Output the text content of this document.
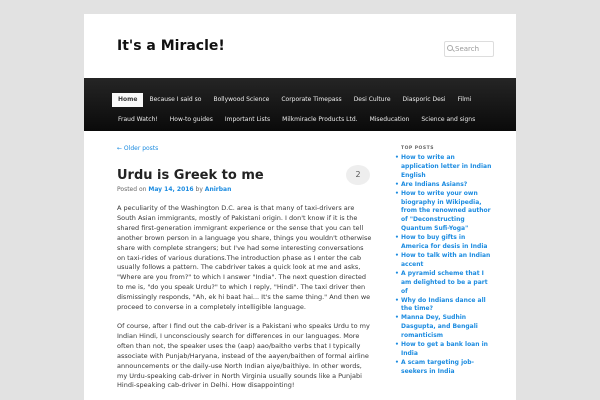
It's a Miracle!	Search
Home	Because I said so	Bollywood Science	Corporate Timepass	Desi Culture	Diasporic Desi	Filmi
Fraud Watch!	How-to guides	Important Lists	Milkmiracle Products Ltd.	Miseducation	Science and signs
← Older posts
Urdu is Greek to me	2
Posted on May 14, 2016 by Anirban

A peculiarity of the Washington D.C. area is that many of taxi-drivers are South Asian immigrants, mostly of Pakistani origin. I don't know if it is the shared first-generation immigrant experience or the sense that you can tell another brown person in a language you share, things you wouldn't otherwise share with complete strangers; but I've had some interesting conversations on taxi-rides of various durations.The introduction phase as I enter the cab usually follows a pattern. The cabdriver takes a quick look at me and asks, "Where are you from?" to which I answer "India". The next question directed to me is, "do you speak Urdu?" to which I reply, "Hindi". The taxi driver then dismissingly responds, "Ah, ek hi baat hai... It's the same thing." And then we proceed to converse in a completely intelligible language.

Of course, after I find out the cab-driver is a Pakistani who speaks Urdu to my Indian Hindi, I unconsciously search for differences in our languages. More often than not, the speaker uses the (aap) aao/baitho verbs that I typically associate with Punjab/Haryana, instead of the aayen/baithen of formal airline announcements or the daily-use North Indian aiye/baithiye. In other words, my Urdu-speaking cab-driver in North Virginia usually sounds like a Punjabi Hindi-speaking cab-driver in Delhi. How disappointing!

TOP POSTS
• How to write an application letter in Indian English
• Are Indians Asians?
• How to write your own biography in Wikipedia, from the renowned author of "Deconstructing Quantum Sufi-Yoga"
• How to buy gifts in America for desis in India
• How to talk with an Indian accent
• A pyramid scheme that I am delighted to be a part of
• Why do Indians dance all the time?
• Manna Dey, Sudhin Dasgupta, and Bengali romanticism
• How to get a bank loan in India
• A scam targeting job-seekers in India
